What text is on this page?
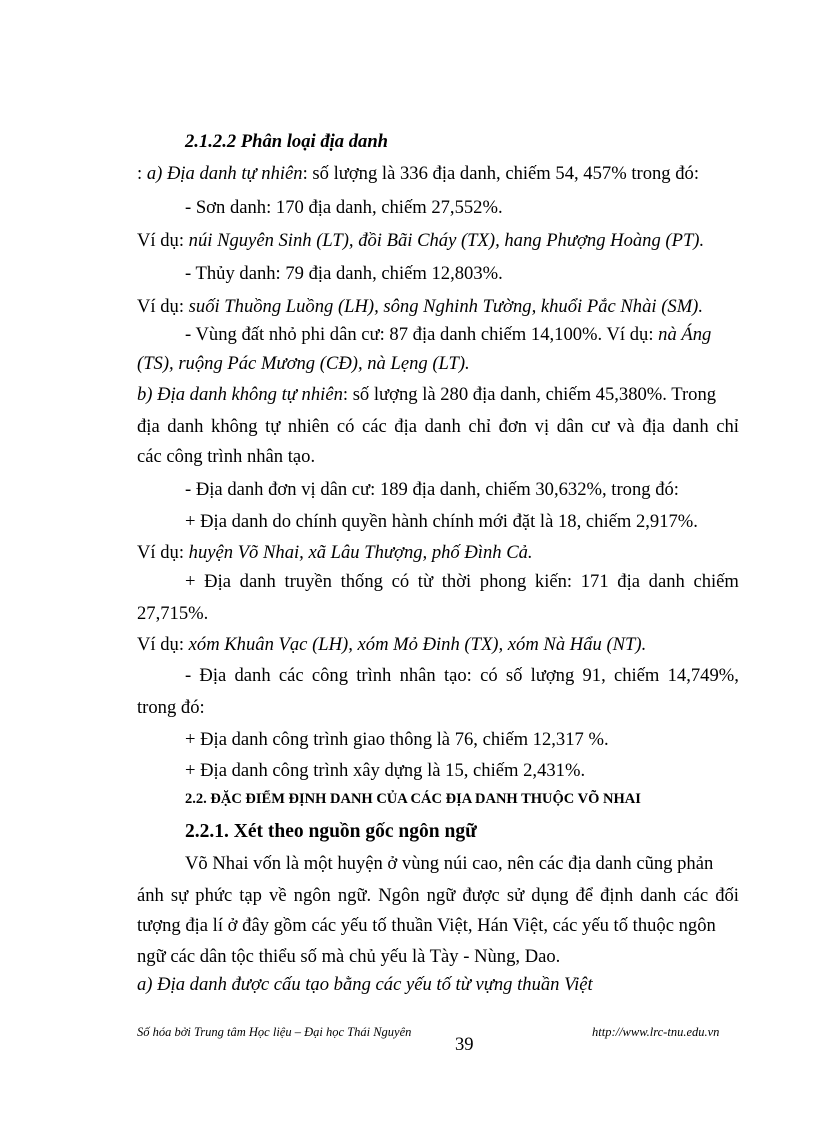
2.1.2.2 Phân loại địa danh
: a) Địa danh tự nhiên: số lượng là 336 địa danh, chiếm 54, 457% trong đó:
- Sơn danh: 170 địa danh, chiếm 27,552%.
Ví dụ: núi Nguyên Sinh (LT), đồi Bãi Cháy (TX), hang Phượng Hoàng (PT).
- Thủy danh: 79 địa danh, chiếm 12,803%.
Ví dụ: suối Thuồng Luồng (LH), sông Nghinh Tường, khuổi Pắc Nhài (SM).
- Vùng đất nhỏ phi dân cư: 87 địa danh chiếm 14,100%. Ví dụ: nà Áng
(TS), ruộng Pác Mương (CĐ), nà Lẹng (LT).
b) Địa danh không tự nhiên: số lượng là 280 địa danh, chiếm 45,380%. Trong
địa danh không tự nhiên có các địa danh chỉ đơn vị dân cư và địa danh chỉ
các công trình nhân tạo.
- Địa danh đơn vị dân cư: 189 địa danh, chiếm 30,632%, trong đó:
+ Địa danh do chính quyền hành chính mới đặt là 18, chiếm 2,917%.
Ví dụ: huyện Võ Nhai, xã Lâu Thượng, phố Đình Cả.
+ Địa danh truyền thống có từ thời phong kiến: 171 địa danh chiếm
27,715%.
Ví dụ: xóm Khuân Vạc (LH), xóm Mỏ Đinh (TX), xóm Nà Hẩu (NT).
- Địa danh các công trình nhân tạo: có số lượng 91, chiếm 14,749%,
trong đó:
+ Địa danh công trình giao thông là 76, chiếm 12,317 %.
+ Địa danh công trình xây dựng là 15, chiếm 2,431%.
2.2. ĐẶC ĐIỂM ĐỊNH DANH CỦA CÁC ĐỊA DANH THUỘC VÕ NHAI
2.2.1. Xét theo nguồn gốc ngôn ngữ
Võ Nhai vốn là một huyện ở vùng núi cao, nên các địa danh cũng phản
ánh sự phức tạp về ngôn ngữ. Ngôn ngữ được sử dụng để định danh các đối
tượng địa lí ở đây gồm các yếu tố thuần Việt, Hán Việt, các yếu tố thuộc ngôn
ngữ các dân tộc thiểu số mà chủ yếu là Tày - Nùng, Dao.
a) Địa danh được cấu tạo bằng các yếu tố từ vựng thuần Việt
Số hóa bởi Trung tâm Học liệu – Đại học Thái Nguyên	http://www.lrc-tnu.edu.vn
39
